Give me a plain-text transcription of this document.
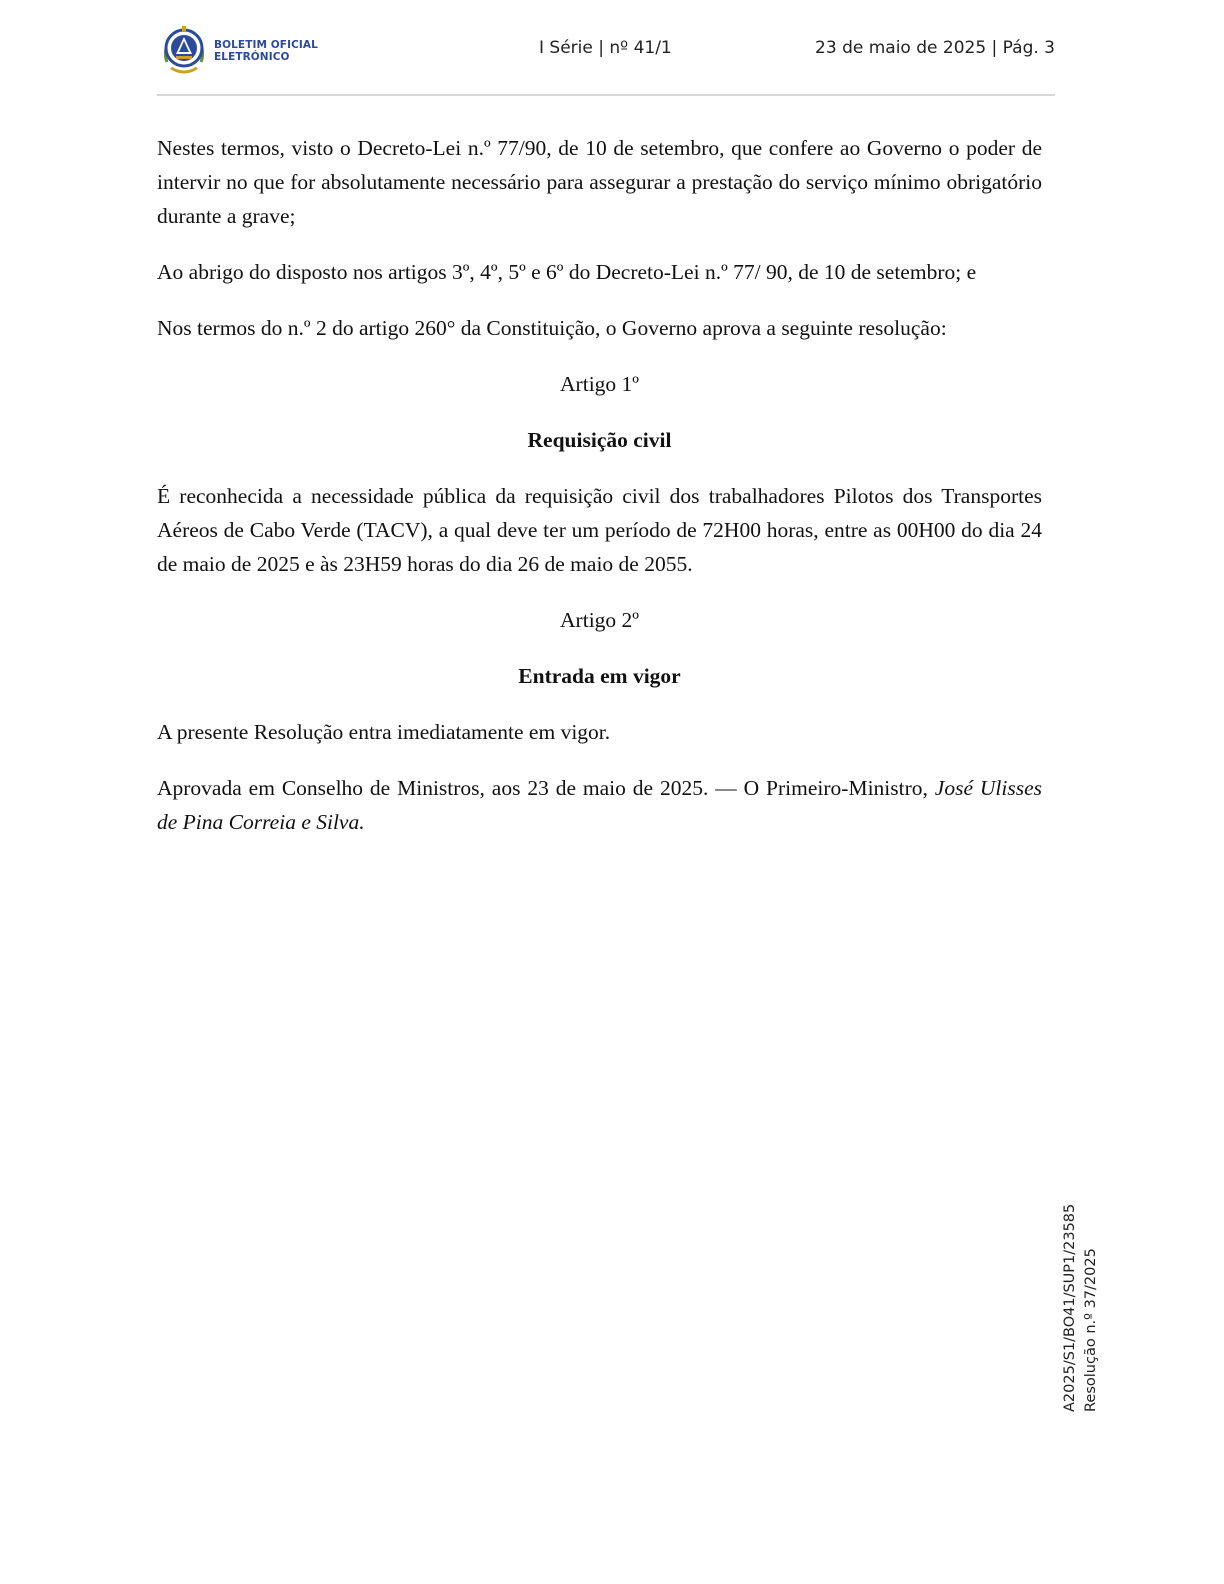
BOLETIM OFICIAL
ELETRÓNICO	I Série | nº 41/1	23 de maio de 2025 | Pág. 3

Nestes termos, visto o Decreto-Lei n.º 77/90, de 10 de setembro, que confere ao Governo o poder de intervir no que for absolutamente necessário para assegurar a prestação do serviço mínimo obrigatório durante a grave;

Ao abrigo do disposto nos artigos 3º, 4º, 5º e 6º do Decreto-Lei n.º 77/ 90, de 10 de setembro; e

Nos termos do n.º 2 do artigo 260° da Constituição, o Governo aprova a seguinte resolução:

Artigo 1º

Requisição civil

É reconhecida a necessidade pública da requisição civil dos trabalhadores Pilotos dos Transportes Aéreos de Cabo Verde (TACV), a qual deve ter um período de 72H00 horas, entre as 00H00 do dia 24 de maio de 2025 e às 23H59 horas do dia 26 de maio de 2055.

Artigo 2º

Entrada em vigor

A presente Resolução entra imediatamente em vigor.

Aprovada em Conselho de Ministros, aos 23 de maio de 2025. — O Primeiro-Ministro, José Ulisses de Pina Correia e Silva.

A2025/S1/BO41/SUP1/23585 Resolução n.º 37/2025
